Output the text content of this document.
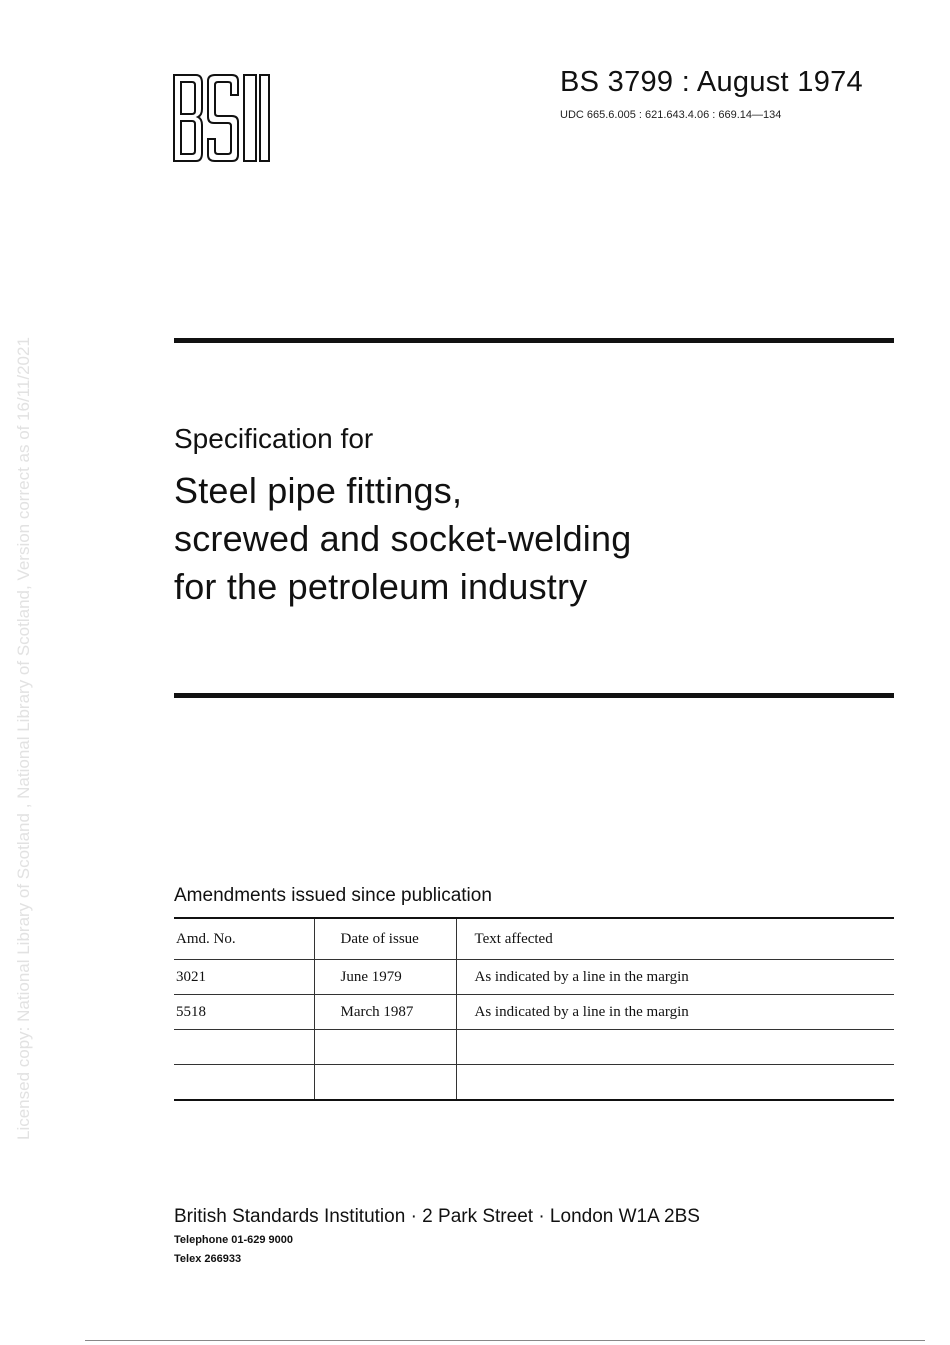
BS 3799 : August 1974
UDC 665.6.005 : 621.643.4.06 : 669.14—134
Licensed copy: National Library of Scotland , National Library of Scotland, Version correct as of 16/11/2021	Specification for
Steel pipe fittings,
screwed and socket-welding
for the petroleum industry
Amendments issued since publication
Amd. No.	Date of issue	Text affected
3021	June 1979	As indicated by a line in the margin
5518	March 1987	As indicated by a line in the margin

British Standards Institution · 2 Park Street · London W1A 2BS
Telephone 01-629 9000
Telex 266933
